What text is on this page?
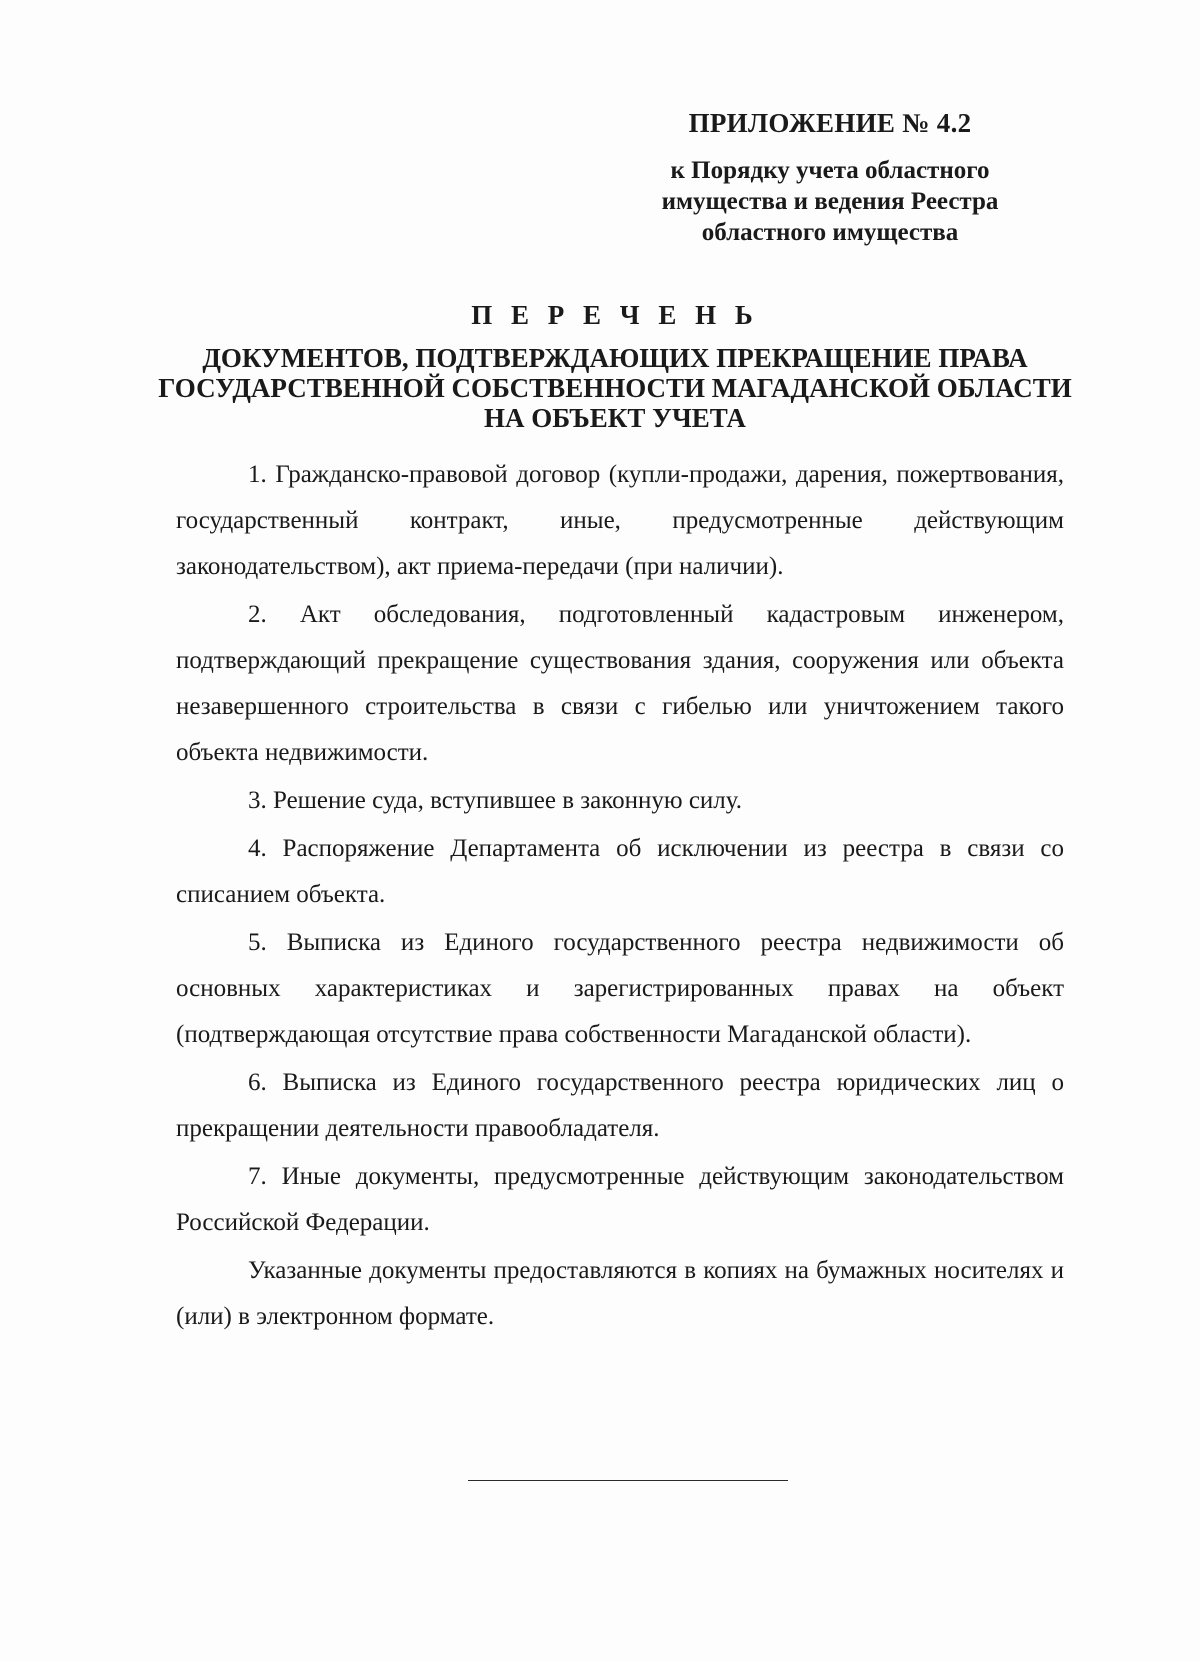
ПРИЛОЖЕНИЕ № 4.2
к Порядку учета областного имущества и ведения Реестра областного имущества
П Е Р Е Ч Е Н Ь
ДОКУМЕНТОВ, ПОДТВЕРЖДАЮЩИХ ПРЕКРАЩЕНИЕ ПРАВА ГОСУДАРСТВЕННОЙ СОБСТВЕННОСТИ МАГАДАНСКОЙ ОБЛАСТИ НА ОБЪЕКТ УЧЕТА

1. Гражданско-правовой договор (купли-продажи, дарения, пожертвования, государственный контракт, иные, предусмотренные действующим законодательством), акт приема-передачи (при наличии).

2. Акт обследования, подготовленный кадастровым инженером, подтверждающий прекращение существования здания, сооружения или объекта незавершенного строительства в связи с гибелью или уничтожением такого объекта недвижимости.

3. Решение суда, вступившее в законную силу.

4. Распоряжение Департамента об исключении из реестра в связи со списанием объекта.

5. Выписка из Единого государственного реестра недвижимости об основных характеристиках и зарегистрированных правах на объект (подтверждающая отсутствие права собственности Магаданской области).

6. Выписка из Единого государственного реестра юридических лиц о прекращении деятельности правообладателя.

7. Иные документы, предусмотренные действующим законодательством Российской Федерации.

Указанные документы предоставляются в копиях на бумажных носителях и (или) в электронном формате.
